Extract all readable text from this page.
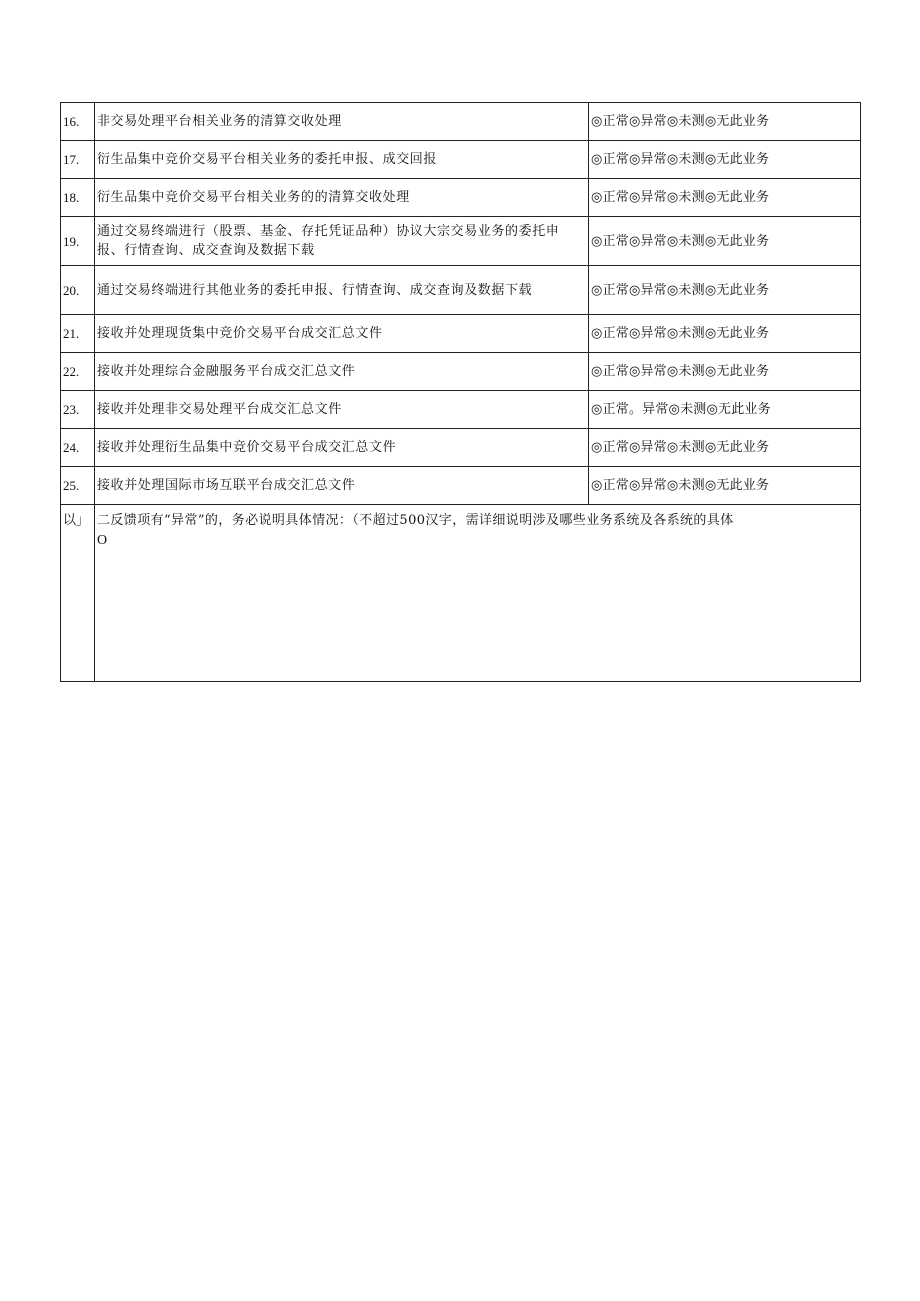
16.	非交易处理平台相关业务的清算交收处理	◎正常◎异常◎未测◎无此业务
17.	衍生品集中竞价交易平台相关业务的委托申报、成交回报	◎正常◎异常◎未测◎无此业务
18.	衍生品集中竞价交易平台相关业务的的清算交收处理	◎正常◎异常◎未测◎无此业务
19.	通过交易终端进行（股票、基金、存托凭证品种）协议大宗交易业务的委托申报、行情查询、成交查询及数据下载	◎正常◎异常◎未测◎无此业务
20.	通过交易终端进行其他业务的委托申报、行情查询、成交查询及数据下载	◎正常◎异常◎未测◎无此业务
21.	接收并处理现货集中竞价交易平台成交汇总文件	◎正常◎异常◎未测◎无此业务
22.	接收并处理综合金融服务平台成交汇总文件	◎正常◎异常◎未测◎无此业务
23.	接收并处理非交易处理平台成交汇总文件	◎正常。异常◎未测◎无此业务
24.	接收并处理衍生品集中竞价交易平台成交汇总文件	◎正常◎异常◎未测◎无此业务
25.	接收并处理国际市场互联平台成交汇总文件	◎正常◎异常◎未测◎无此业务
以」	二反馈项有“异常”的，务必说明具体情况：（不超过500汉字，需详细说明涉及哪些业务系统及各系统的具体
O	
